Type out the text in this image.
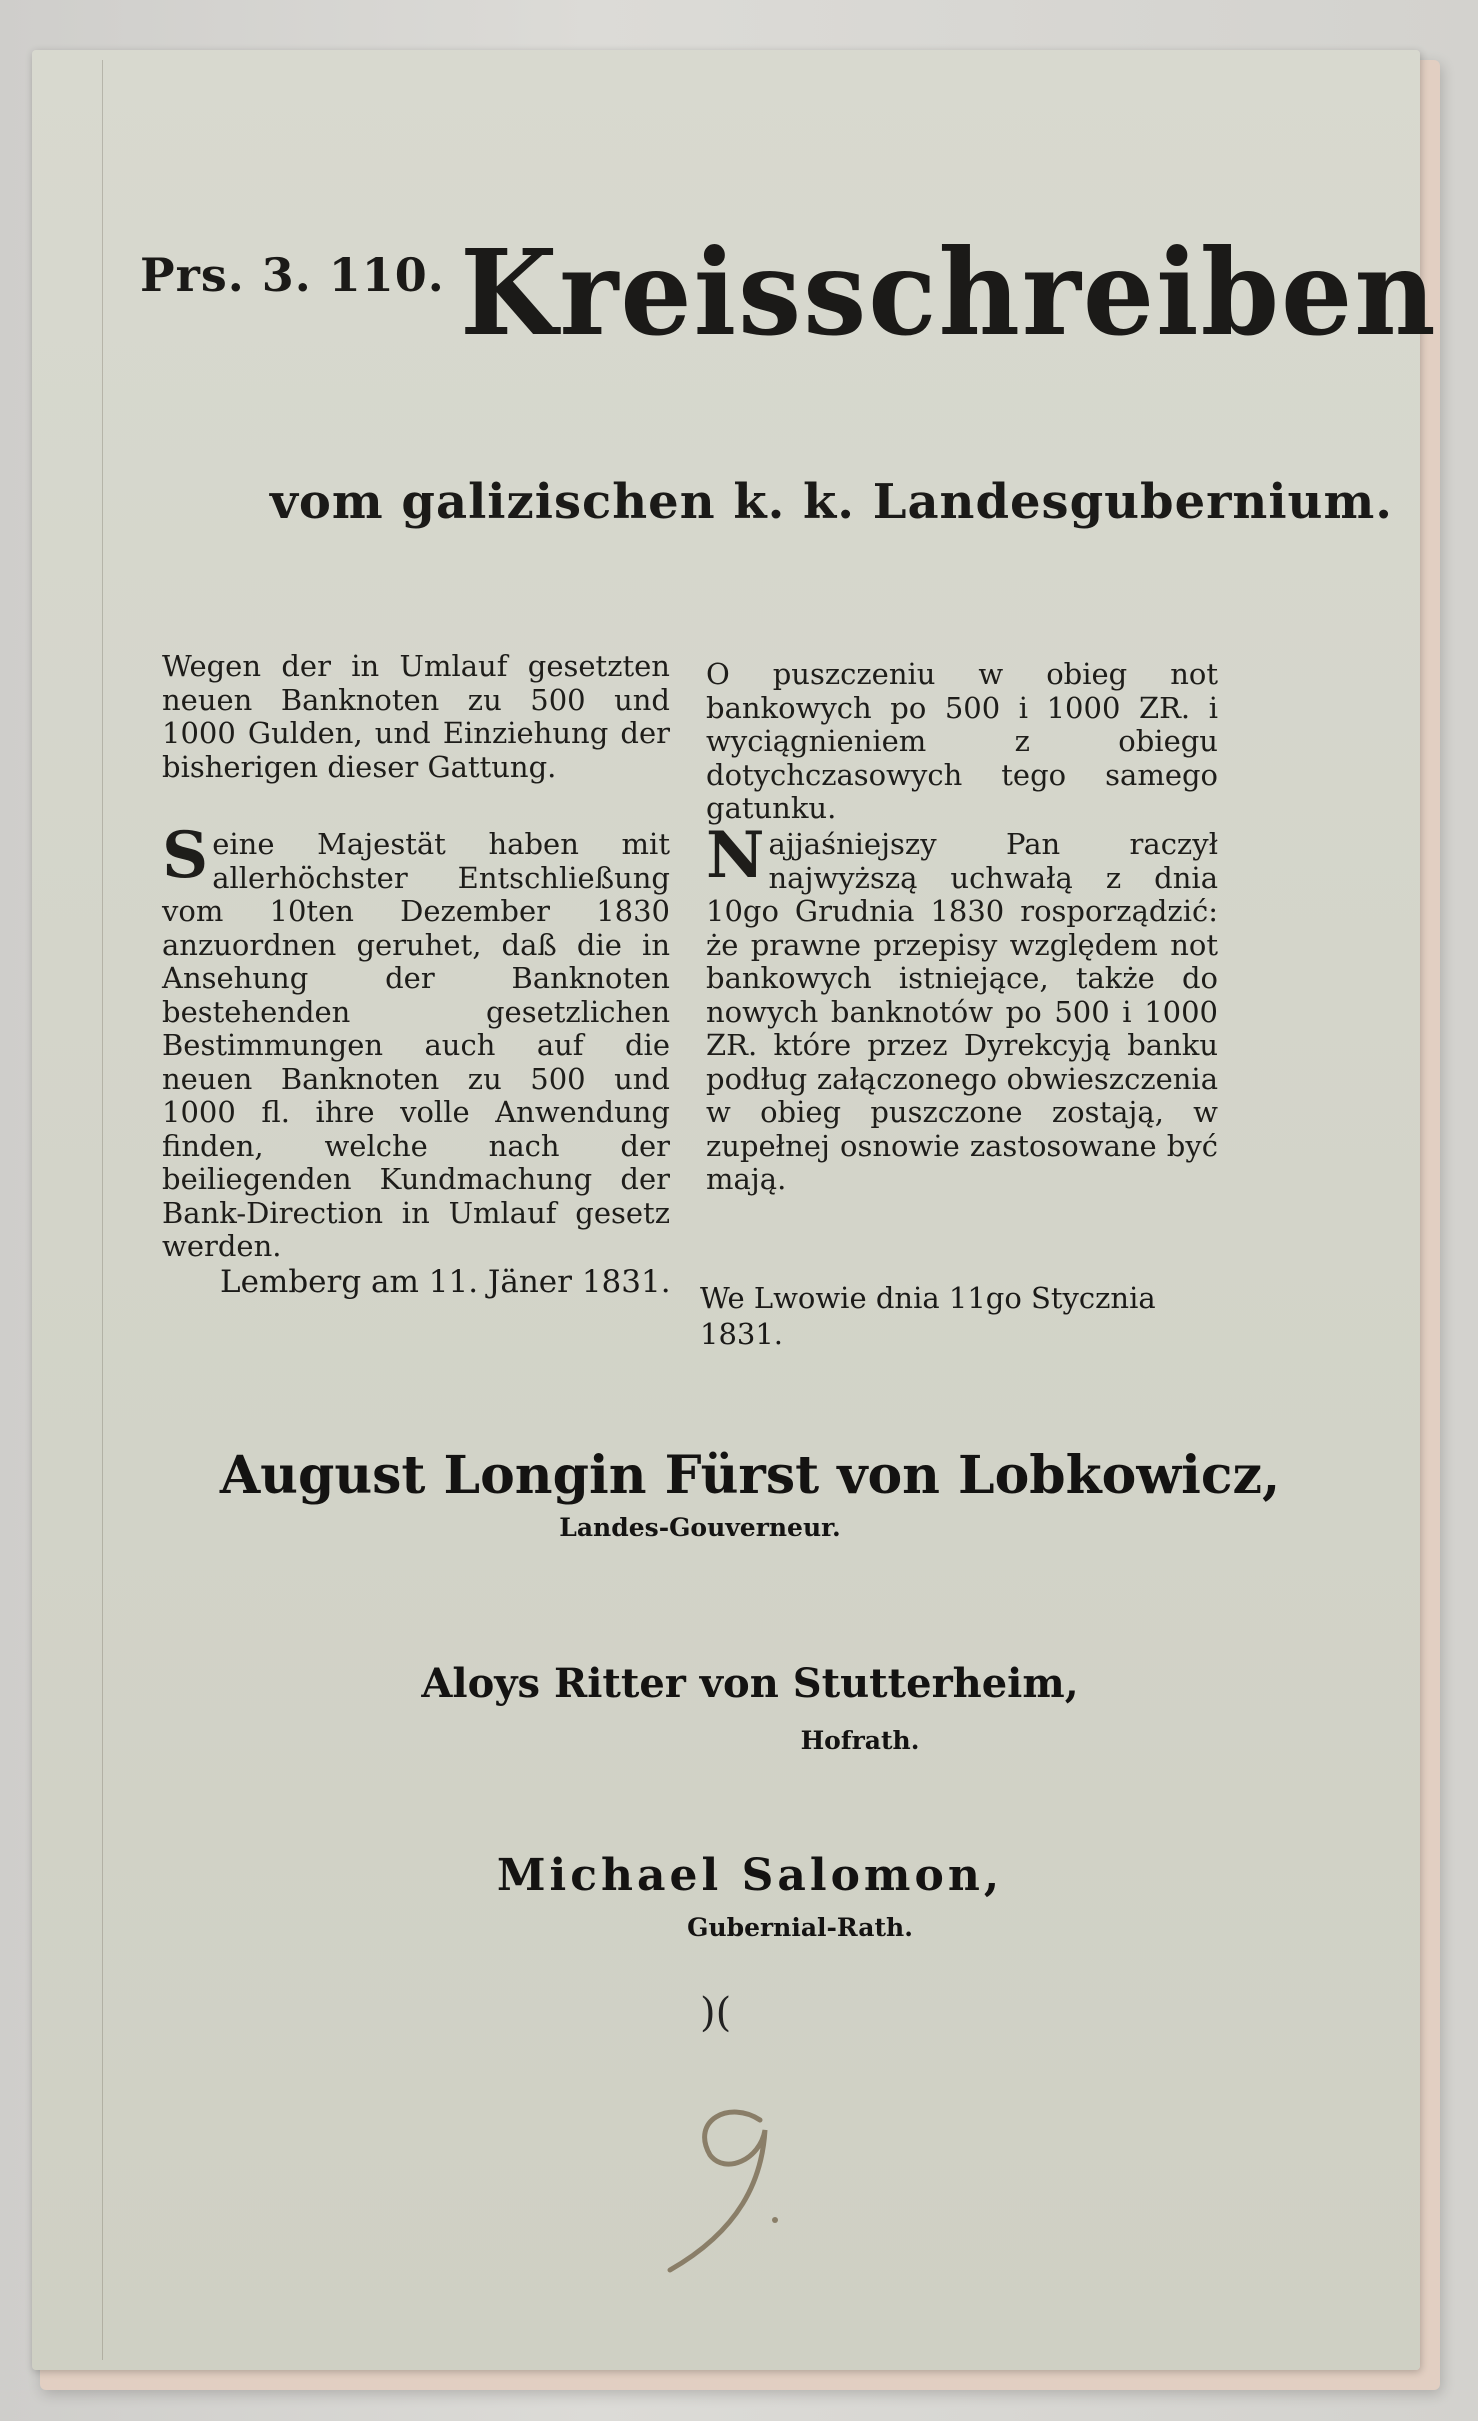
Prs. 3. 110. Kreisschreiben
vom galizischen k. k. Landesgubernium.
Wegen der in Umlauf gesetzten neuen Banknoten zu 500 und 1000 Gulden, und Einziehung der bisherigen dieser Gattung.
O puszczeniu w obieg not bankowych po 500 i 1000 ZR. i wyciągnieniem z obiegu dotychczasowych tego samego gatunku.
Seine Majestät haben mit allerhöchster Entschließung vom 10ten Dezember 1830 anzuordnen geruhet, daß die in Ansehung der Banknoten bestehenden gesetzlichen Bestimmungen auch auf die neuen Banknoten zu 500 und 1000 fl. ihre volle Anwendung finden, welche nach der beiliegenden Kundmachung der Bank-Direction in Umlauf gesetz werden.
Najjaśniejszy Pan raczył najwyższą uchwałą z dnia 10go Grudnia 1830 rosporządzić: że prawne przepisy względem not bankowych istniejące, także do nowych banknotów po 500 i 1000 ZR. które przez Dyrekcyją banku podług załączonego obwieszczenia w obieg puszczone zostają, w zupełnej osnowie zastosowane być mają.
Lemberg am 11. Jäner 1831. We Lwowie dnia 11go Stycznia 1831.
August Longin Fürst von Lobkowicz,
Landes-Gouverneur.
Aloys Ritter von Stutterheim,
Hofrath.
Michael Salomon,
Gubernial-Rath.
)(
